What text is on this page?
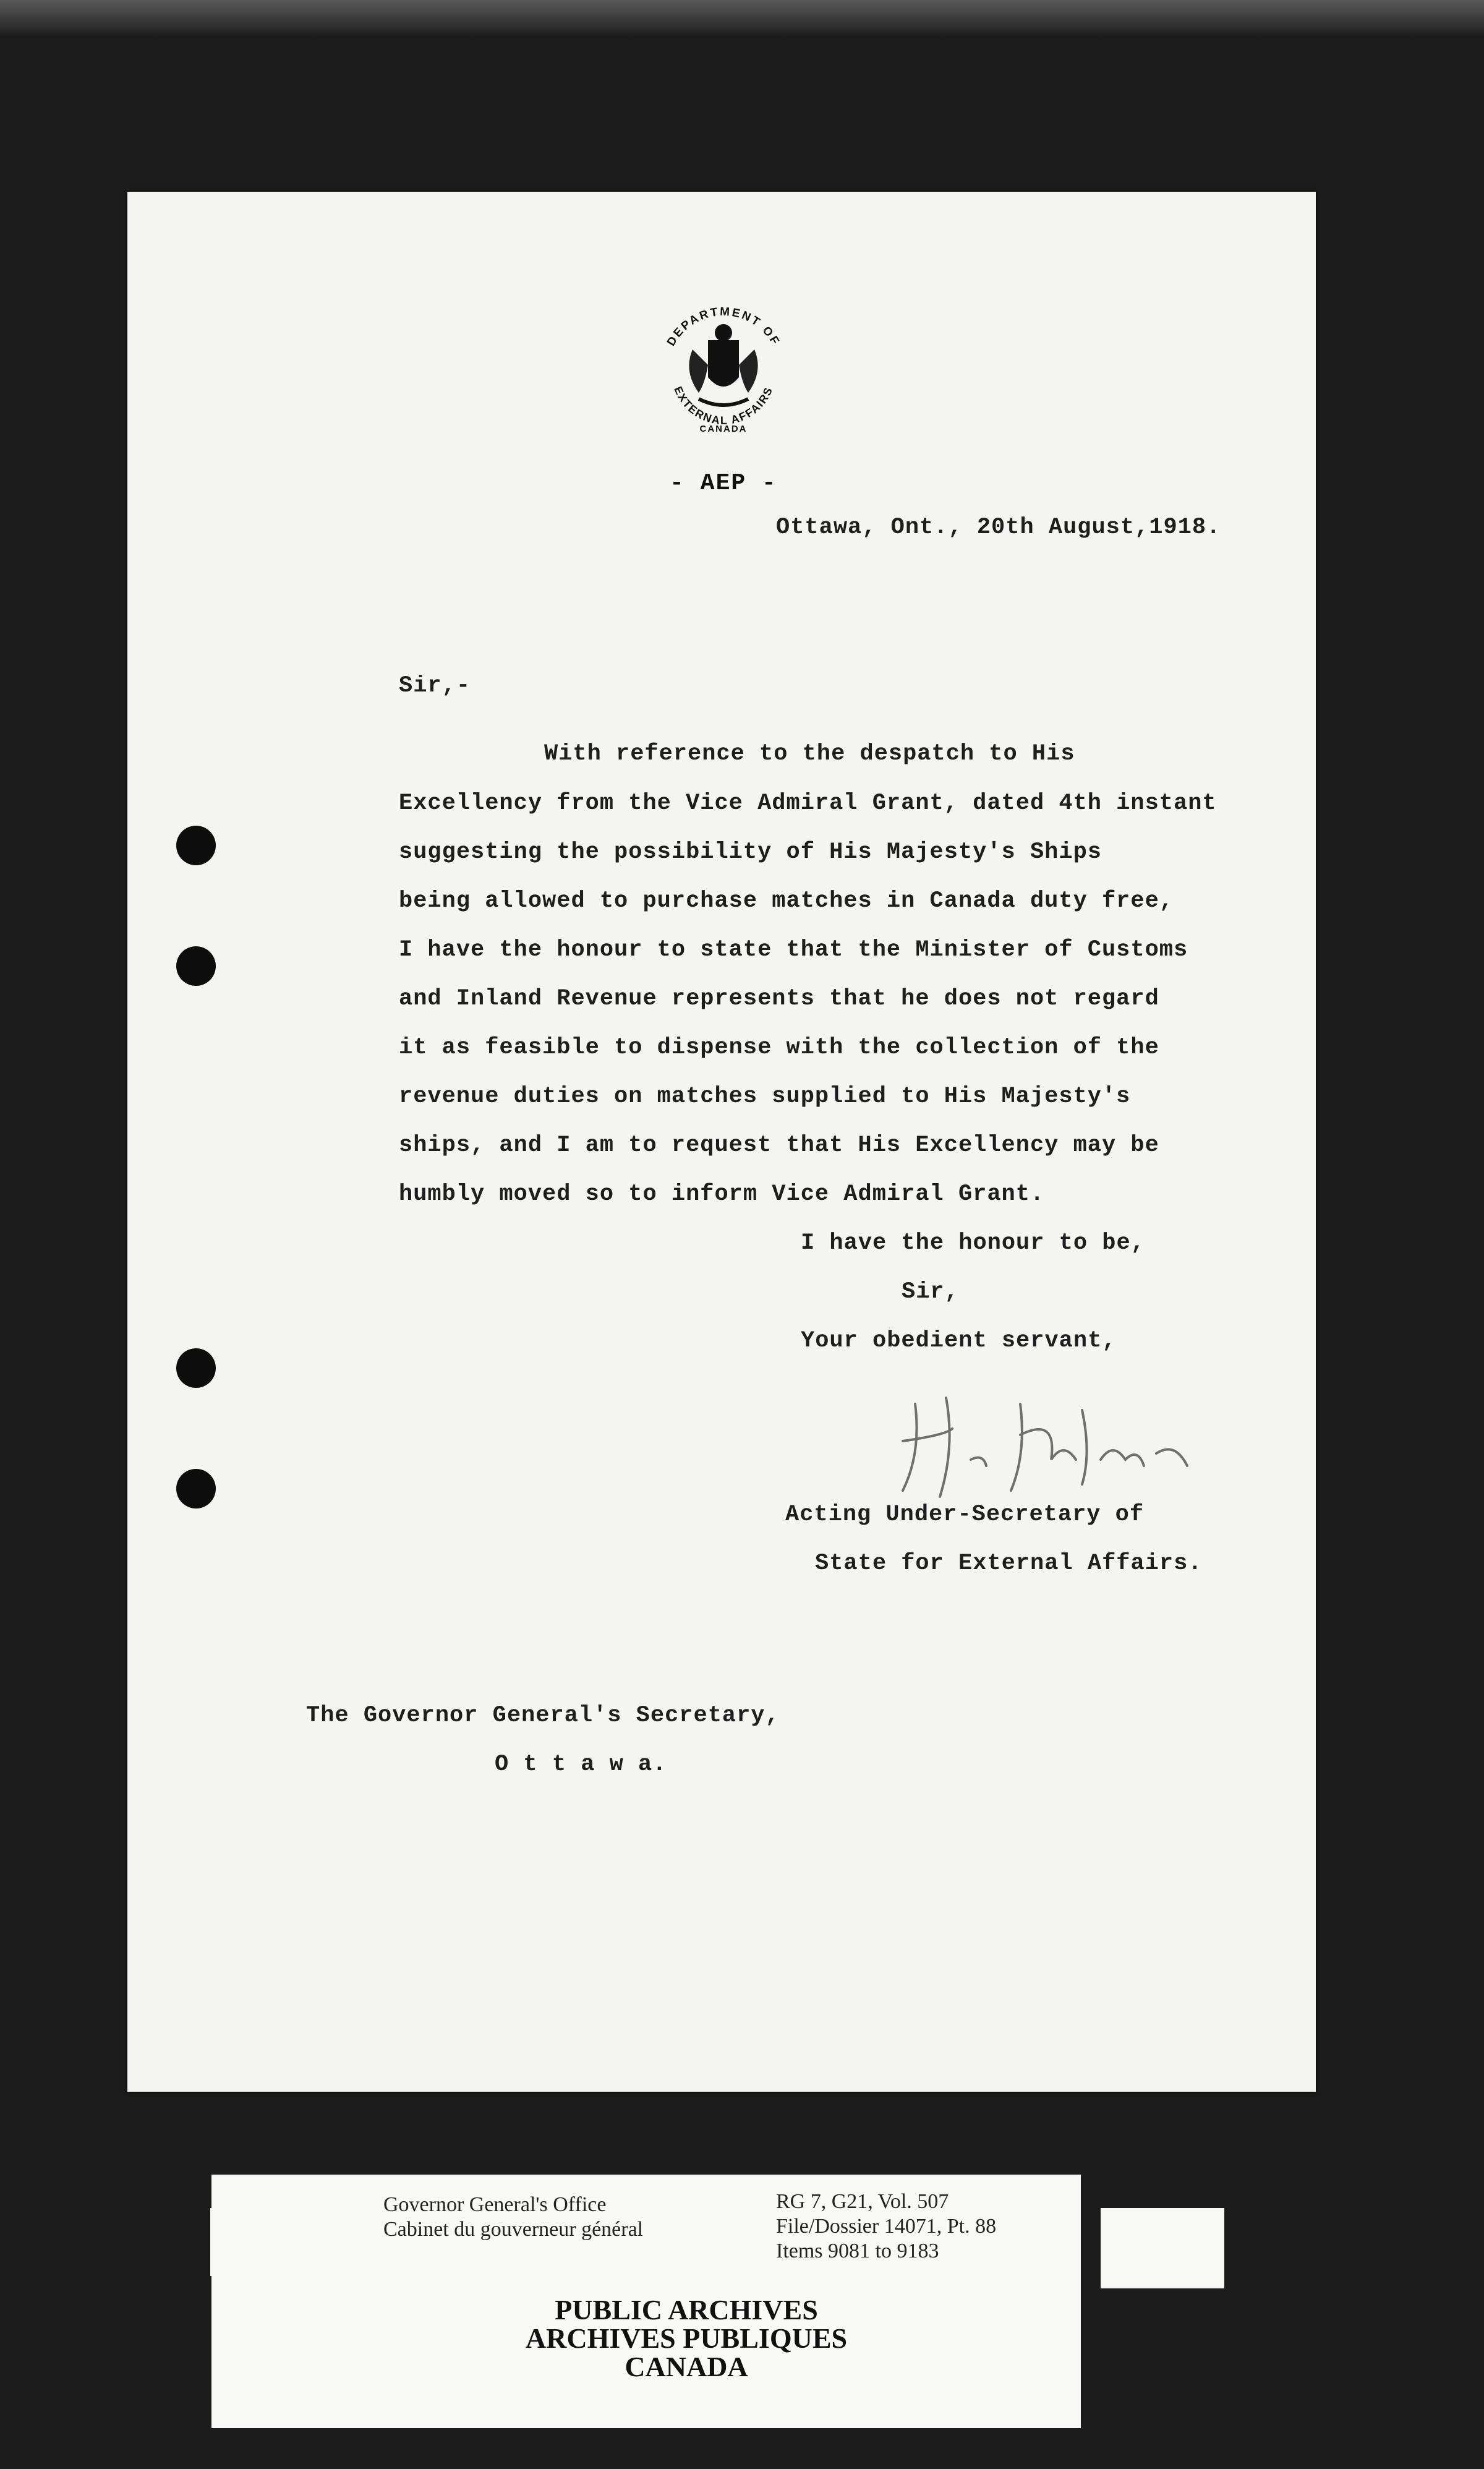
DEPARTMENT OF
EXTERNAL AFFAIRS
CANADA
- AEP -
Ottawa, Ont., 20th August,1918.
Sir,-
With reference to the despatch to His
Excellency from the Vice Admiral Grant, dated 4th instant
suggesting the possibility of His Majesty's Ships
being allowed to purchase matches in Canada duty free,
I have the honour to state that the Minister of Customs
and Inland Revenue represents that he does not regard
it as feasible to dispense with the collection of the
revenue duties on matches supplied to His Majesty's
ships, and I am to request that His Excellency may be
humbly moved so to inform Vice Admiral Grant.
I have the honour to be,
Sir,
Your obedient servant,
Acting Under-Secretary of
State for External Affairs.
The Governor General's Secretary,
O t t a w a.
Governor General's Office
Cabinet du gouverneur général
RG 7, G21, Vol. 507
File/Dossier 14071, Pt. 88
Items 9081 to 9183
PUBLIC ARCHIVES
ARCHIVES PUBLIQUES
CANADA
